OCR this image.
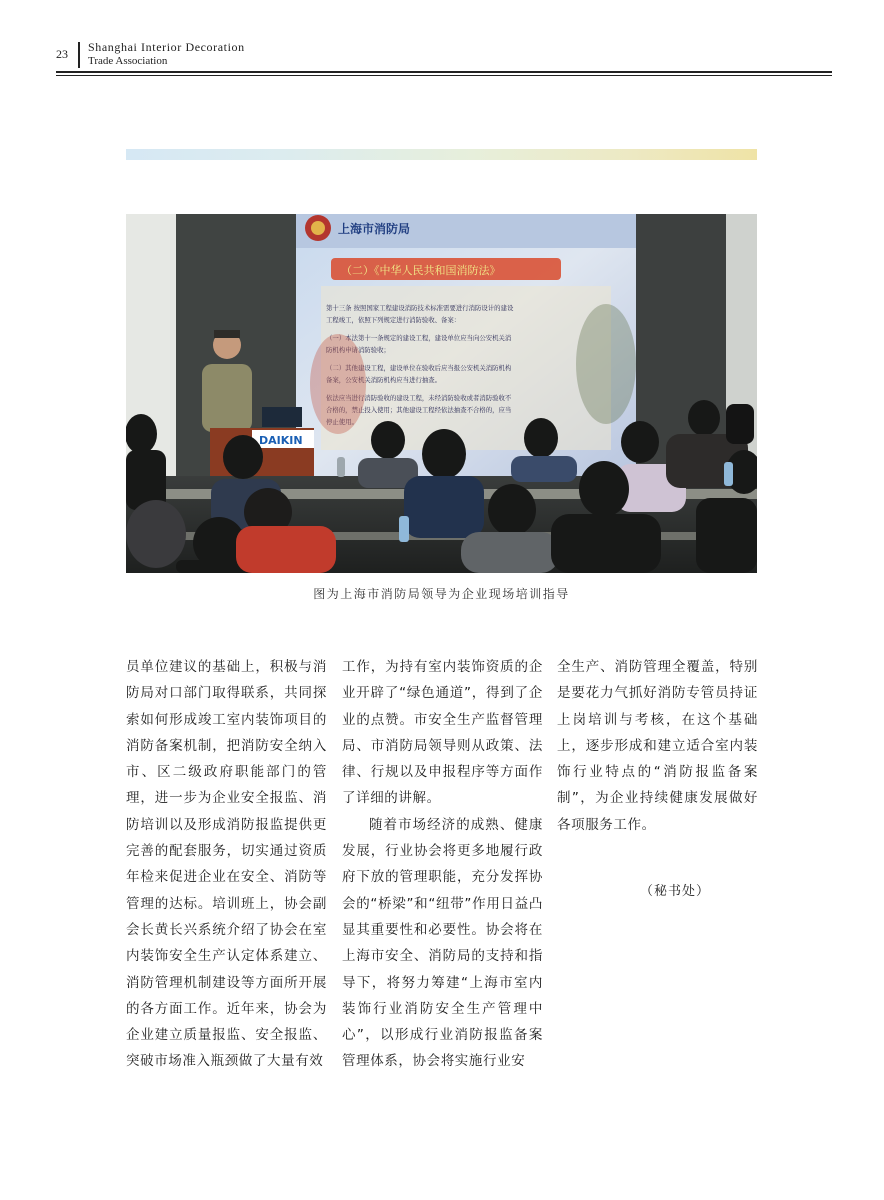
23 Shanghai Interior Decoration
Trade Association
上海市消防局
（二）《中华人民共和国消防法》
第十三条 按照国家工程建设消防技术标准需要进行消防设计的建设
工程竣工，依照下列规定进行消防验收、备案：
（一）本法第十一条规定的建设工程，建设单位应当向公安机关消
防机构申请消防验收；
（二）其他建设工程，建设单位在验收后应当报公安机关消防机构
备案，公安机关消防机构应当进行抽查。
依法应当进行消防验收的建设工程，未经消防验收或者消防验收不
合格的，禁止投入使用；其他建设工程经依法抽查不合格的，应当
停止使用。
DAIKIN
图为上海市消防局领导为企业现场培训指导

员单位建议的基础上，积极与消防局对口部门取得联系，共同探索如何形成竣工室内装饰项目的消防备案机制，把消防安全纳入市、区二级政府职能部门的管理，进一步为企业安全报监、消防培训以及形成消防报监提供更完善的配套服务，切实通过资质年检来促进企业在安全、消防等管理的达标。培训班上，协会副会长黄长兴系统介绍了协会在室内装饰安全生产认定体系建立、消防管理机制建设等方面所开展的各方面工作。近年来，协会为企业建立质量报监、安全报监、突破市场准入瓶颈做了大量有效

工作，为持有室内装饰资质的企业开辟了“绿色通道”，得到了企业的点赞。市安全生产监督管理局、市消防局领导则从政策、法律、行规以及申报程序等方面作了详细的讲解。

随着市场经济的成熟、健康发展，行业协会将更多地履行政府下放的管理职能，充分发挥协会的“桥梁”和“纽带”作用日益凸显其重要性和必要性。协会将在上海市安全、消防局的支持和指导下，将努力筹建“上海市室内装饰行业消防安全生产管理中心”，以形成行业消防报监备案管理体系，协会将实施行业安

全生产、消防管理全覆盖，特别是要花力气抓好消防专管员持证上岗培训与考核，在这个基础上，逐步形成和建立适合室内装饰行业特点的“消防报监备案制”，为企业持续健康发展做好各项服务工作。

（秘书处）
